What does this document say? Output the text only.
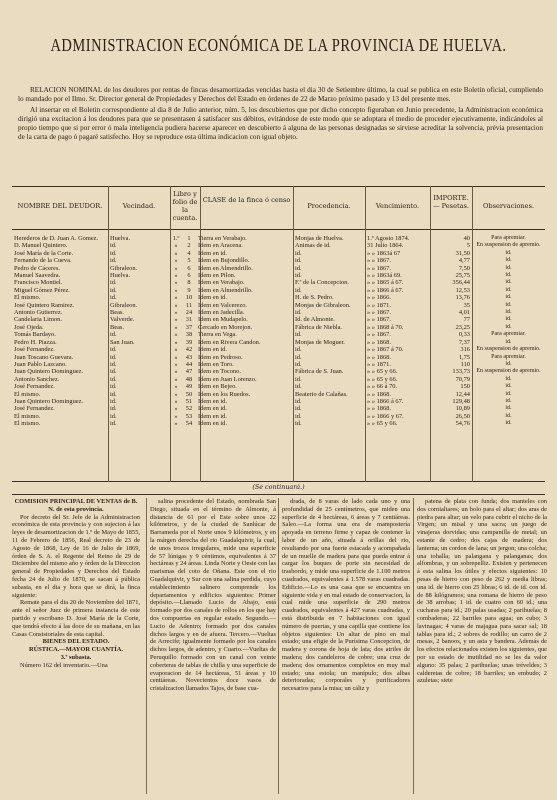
ADMINISTRACION ECONÓMICA DE LA PROVINCIA DE HUELVA.

RELACION NOMINAL de los deudores por rentas de fincas desamortizadas vencidas hasta el dia 30 de Setiembre último, la cual se publica en este Boletín oficial, cumpliendo lo mandado por el Ilmo. Sr. Director general de Propiedades y Derechos del Estado en órdenes de 22 de Marzo próximo pasado y 13 del presente mes.

Al insertar en el Boletin correspondiente al dia 8 de Julio anterior, núm. 5, los descubiertos que por dicho concepto figuraban en Junio precedente, la Administracion económica dirigió una excitacion á los deudores para que se presentasen á satisfacer sus débitos, evitándose de este modo que se adoptara el medio de proceder ejecutivamente, indicándoles al propio tiempo que si por error ó mala inteligencia pudiera hacerse aparecer en descubierto á alguna de las personas designadas se sirviese acreditar la solvencia, prévia presentacion de la carta de pago ó pagaré satisfecho. Hoy se reproduce esta última indicacion con igual objeto.

NOMBRE DEL DEUDOR.	Vecindad.
Libro y folio de la cuenta.
CLASE de la finca ó censo
Procedencia.	Vencimiento.
IMPORTE. — Pesetas.	Observaciones.
Herederos de D. Juan A. Gomez.	Huelva.	1.º	1	Tierra en Verabajo.	Monjas de Huelva.	1.º Agosto 1874.	40	Para apremiar.
D. Manuel Quintero.	id.	»	2	Idem en Aracena.	Animas de id.	31 Julio 1864.	5	En suspension de apremio.
José María de la Corte.	id.	»	4	Idem en id.	id.	» » 1863á 67	31,50	id.
Fernando de la Cueva.	id.	»	5	Idem en Bujondillo.	id.	» » 1867.	4,77	id.
Pedro de Cáceres.	Gibraleon.	»	6	Idem en Almendrillo.	id.	» » 1867.	7,50	id.
Manuel Saavedra.	Huelva.	»	6	Idem en Pilon.	id.	» » 1863á 69.	25,75	id.
Francisco Montiel.	id.	»	8	Idem en Verabajo.	F.ª de la Concepcion.	» » 1865 á 67.	356,44	id.
Miguel Gómez Pérez.	id.	»	9	Idem en Almendrillo.	id.	» » 1866 á 67.	12,53	id.
El mismo.	id.	»	10	Idem en id.	H. de S. Pedro.	» » 1866.	13,76	id.
José Quintero Ramirez.	Gibraleon.	»	11	Idem en Valcerezo.	Monjas de Gibraleon.	» » 1871.	35	id.
Antonio Gutierrez.	Beas.	»	24	Idem en Jadecilla.	id.	» » 1867.	4,01	id.
Candelaria Limon.	Valverde.	»	31	Idem en Mudapelo.	Id. de Almonte.	» » 1867.	77	id.
José Ojeda.	Beas.	»	37	Cercado en Morejon.	Fábrica de Niebla.	» » 1868 á 70.	23,25	id.
Tomás Bardayo.	id.	»	38	Tierra en Vega.	id.	» » 1867.	0,33	Para apremiar.
Pedro H. Piazza.	San Juan.	»	39	Idem en Rivera Candon.	Monjas de Moguer.	» » 1868.	7,37	id.
José Fernandez.	id.	»	42	Idem en id.	id.	» » 1867 á 70.	316	En suspension de apremio.
Juan Toscano Guevara.	id.	»	43	Idem en Pedroso.	id.	» » 1868.	1,75	Para apremiar.
Juan Pablo Lazcano.	id.	»	44	Idem en Toro.	id.	» » 1871.	110	id.
Juan Quintero Dominguez.	id.	»	47	Idem en Tocono.	Fábrica de S. Juan.	» » 65 y 66.	133,73	En suspension de apremio.
Antonio Sanchez.	id.	»	48	Idem en Juan Lorenzo.	id.	» » 65 y 66.	70,79	id.
José Fernandez.	id.	»	49	Idem en Bejeo.	id.	» » 66 á 70.	150	id.
El mismo.	id.	»	50	Idem en los Ruedos.	Beaterio de Calañas.	» » 1868.	12,44	id.
Juan Quintero Dominguez.	id.	»	51	Idem en id.	id.	» » 1866 á 67.	129,48	id.
José Fernandez.	id.	»	52	Idem en id.	id.	» » 1868.	10,89	id.
El mismo.	id.	»	53	Idem en id.	id.	» » 1866 y 67.	26,50	id.
El mismo.	id.	»	54	Idem en id.	id.	» » 65 y 66.	54,76	id.
(Se continuará.)

COMISION PRINCIPAL DE VENTAS de B. N. de esta provincia.

Por decreto del Sr. Jefe de la Administracion económica de esta provincia y con sujecion á las leyes de desamortizacion de 1.º de Mayo de 1855, 11 de Febrero de 1856, Real decreto de 23 de Agosto de 1868, Ley de 16 de Julio de 1869, órden de S. A. el Regente del Reino de 29 de Diciembre del mismo año y órden de la Direccion general de Propiedades y Derechos del Estado fecha 24 de Julio de 1870, se sacan á pública subasta, en el dia y hora que se dirá, la finca siguiente:

Remate para el dia 20 de Noviembre del 1871, ante el señor Juez de primera instancia de este partido y escribano D. José María de la Corte, que tendrá efecto á las doce de su mañana, en las Casas Consistoriales de esta capital.

BIENES DEL ESTADO.

RÚSTICA.—MAYOR CUANTÍA.

3.ª subasta.

Número 162 del inventario.—Una

salina procedente del Estado, nombrada San Diego, situada en el término de Almonte, á distancia de 61 por el Este sobre unos 22 kilómetros, y de la ciudad de Sanlúcar de Barrameda por el Norte unos 9 kilómetros, y en la márgen derecha del rio Guadalquivir, la cual, de unos trozos irregulares, mide una superficie de 57 lúnigas y 9 céntimos, equivalentes á 37 hectáreas y 24 áreas. Linda Norte y Oeste con las marismas del coto de Oñana. Este con el rio Guadalquivir, y Sur con una salina perdida, cuyo establecimiento salinero comprende los departamentos y edificios siguientes: Primer depósito.—Llamado Lucio de Abajo, está formado por dos canales de rollos en los que hay dos compuertas en regular estado. Segundo.—Lucio de Adentro; formado por dos canales dichos largos y en de afuera. Tercero.—Vueltas de Arrecife; igualmente formado por los canales dichos largos, de adentro, y Cuarto.—Vueltas de Peruquillo formado con un canal con veinte coberteras de tablas de chilla y una superficie de evaporacion de 14 hectáreas, 51 áreas y 10 centiáreas. Novecientos doce vasos de cristalizacion llamados Tajos, de base cua-

drada, de 8 varas de lado cada uno y una profundidad de 25 centímetros, que miden una superficie de 4 hectáreas, 6 áreas y 7 centiáreas. Saleo.—La forma una era de mampostería apoyada en terreno firme y capaz de contener la labor de un año, situada á orillas del rio, resultando por una fuerte estacada y acompañada de un muelle de madera para que pueda entrar á cargar los buques de porte sin necesidad de trasbordo, y mide una superficie de 1.100 metros cuadrados, equivalentes á 1.578 varas cuadradas. Edificio.—Lo es una casa que se encuentra en siguiente vida y en mal estado de conservacion, la cual mide una superficie de 290 metros cuadrados, equivalentes á 427 varas cuadradas, y está distribuida en 7 habitaciones con igual número de puertas, y una capilla que contiene los objetos siguientes: Un altar de pino en mal estado; una efigie de la Purísima Concepcion, de madera y corona de hoja de lata; dos atriles de madera; dos candeleros de cobre; una cruz de madera; dos ornamentos completos en muy mal estado; una estola; un manípulo; dos albas deterioradas; corporales y purificadores necesarios para la misa; un cáliz y

patena de plata con funda; dos manteles con dos cornialtares; un bolo para el altar; dos aras de piedra para altar; un velo para cubrir el nicho de la Virgen; un misal y una sacra; un juego de vinajeras dorvidas; una campanilla de metal; un estante de cedro; dos cajas de madera; dos lanterna; un cordon de lana; un jergon; una colcha; una tohalla; un palangana y palanganas; dos alfombras, y un sobrepelliz. Existen y pertenecen á esta salina los útiles y efectos siguientes: 10 pesas de hierro con peso de 262 y media libras; una id. de hierro con 25 libras; 6 id. de id. con id. de 88 kilógramos; una romana de hierro de peso de 38 arrobas; 1 id. de cuatro con 60 id.; una cucharas para id.; 20 palas usadas; 2 parihuelas; 8 combaderas; 22 barriles para agua; un cubo; 3 lavinagas; 4 varas de majagua para sacar sal; 18 tablas para id.; 2 sobres de rodillo; un carro de 2 mesas, 2 banoos, y un asta y bandera. Además de los efectos relacionados existen los siguientes, que por su estado de inutilidad no se les da valor alguno: 35 palas; 2 parihuelas; unas tréveldes; 3 calderetas de cobre; 18 barriles; un embudo; 2 azuletas; siete
